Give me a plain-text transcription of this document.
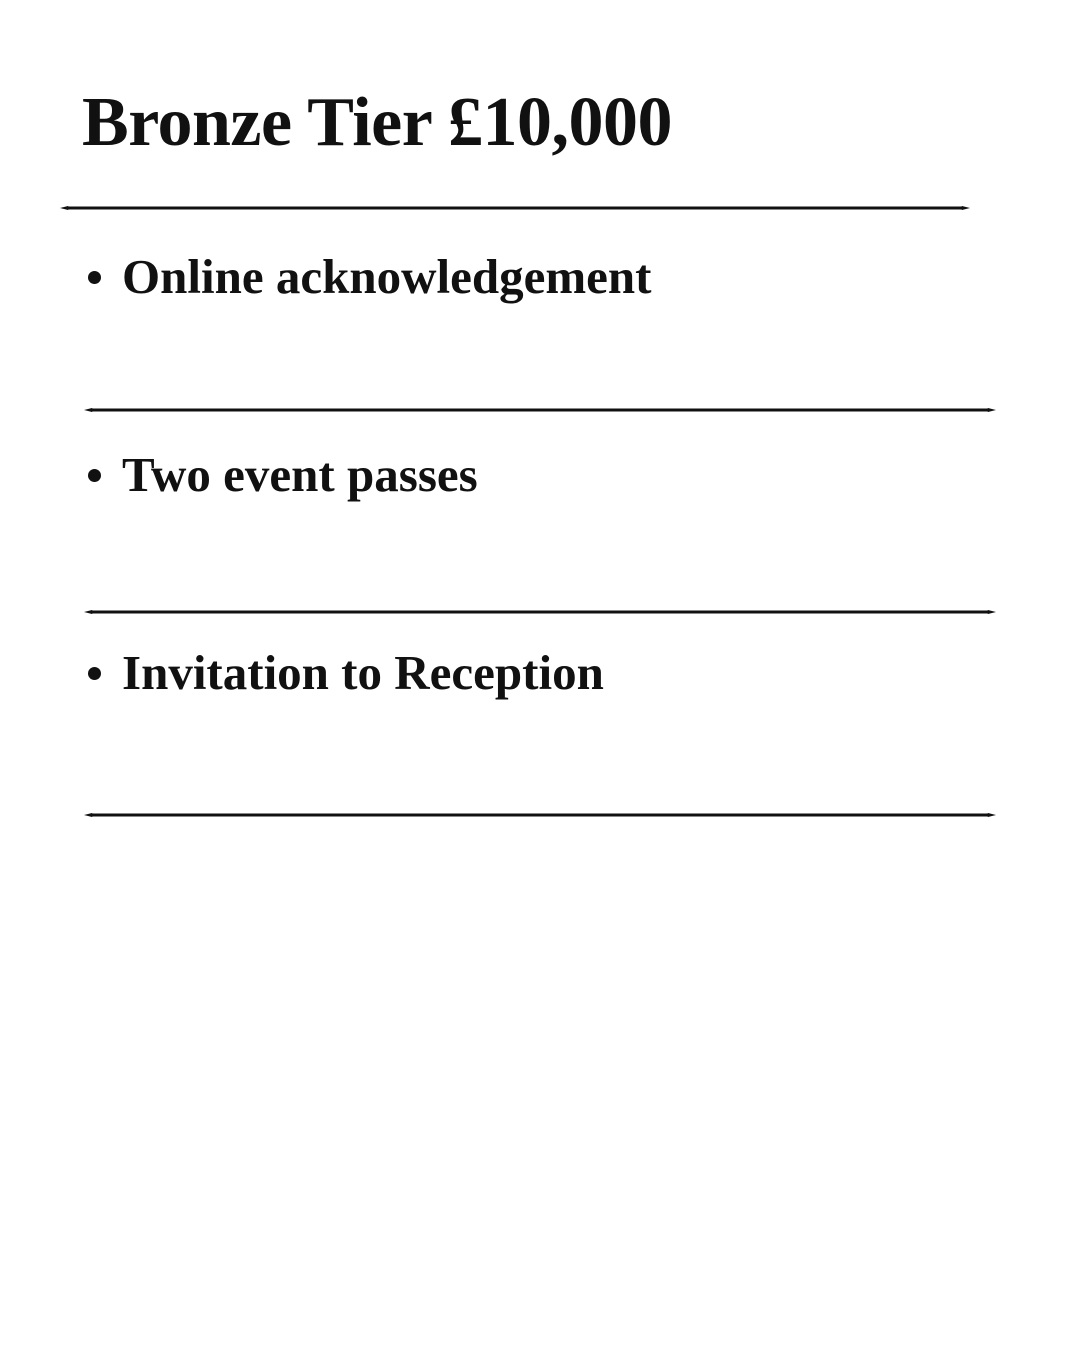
Bronze Tier £10,000
Online acknowledgement
Two event passes
Invitation to Reception
